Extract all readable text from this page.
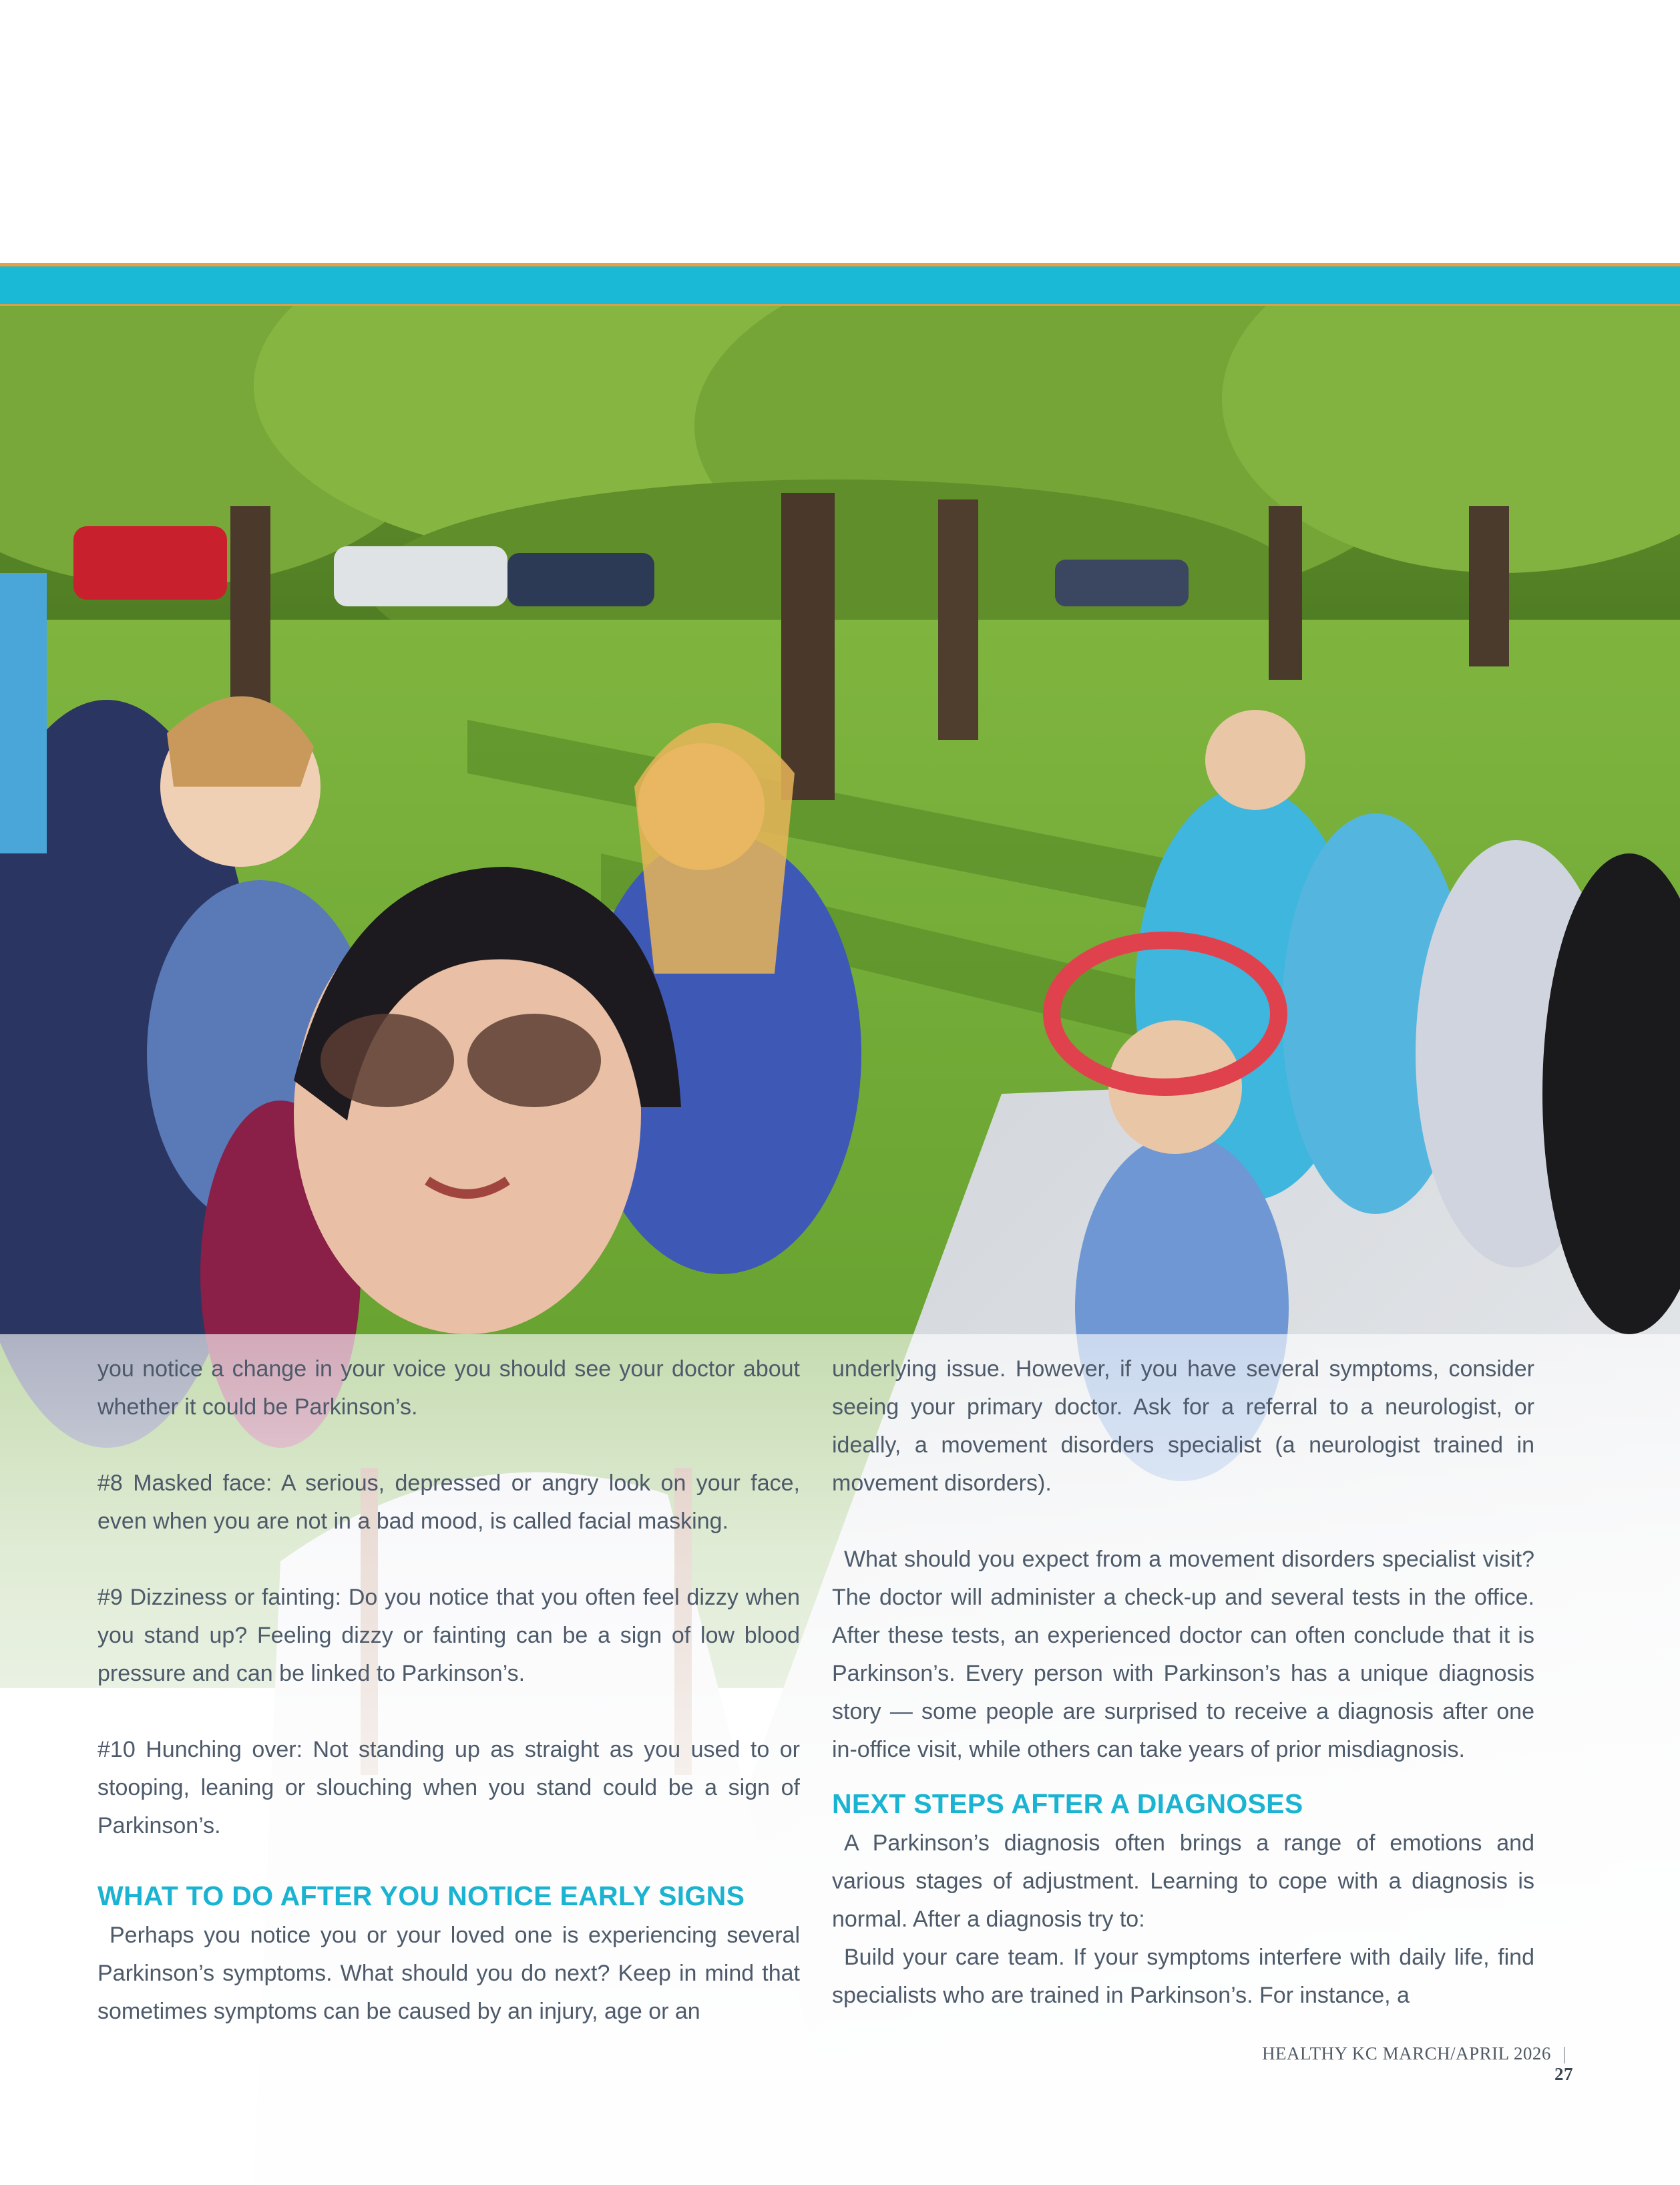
you notice a change in your voice you should see your doctor about whether it could be Parkinson’s.

#8 Masked face: A serious, depressed or angry look on your face, even when you are not in a bad mood, is called facial masking.

#9 Dizziness or fainting: Do you notice that you often feel dizzy when you stand up? Feeling dizzy or fainting can be a sign of low blood pressure and can be linked to Parkinson’s.

#10 Hunching over: Not standing up as straight as you used to or stooping, leaning or slouching when you stand could be a sign of Parkinson’s.

WHAT TO DO AFTER YOU NOTICE EARLY SIGNS

Perhaps you notice you or your loved one is experiencing several Parkinson’s symptoms. What should you do next? Keep in mind that sometimes symptoms can be caused by an injury, age or an

underlying issue. However, if you have several symptoms, consider seeing your primary doctor. Ask for a referral to a neurologist, or ideally, a movement disorders specialist (a neurologist trained in movement disorders).

What should you expect from a movement disorders specialist visit? The doctor will administer a check-up and several tests in the office. After these tests, an experienced doctor can often conclude that it is Parkinson’s. Every person with Parkinson’s has a unique diagnosis story — some people are surprised to receive a diagnosis after one in-office visit, while others can take years of prior misdiagnosis.

NEXT STEPS AFTER A DIAGNOSES

A Parkinson’s diagnosis often brings a range of emotions and various stages of adjustment. Learning to cope with a diagnosis is normal. After a diagnosis try to:

Build your care team. If your symptoms interfere with daily life, find specialists who are trained in Parkinson’s. For instance, a

HEALTHY KC MARCH/APRIL 2026 | 27
